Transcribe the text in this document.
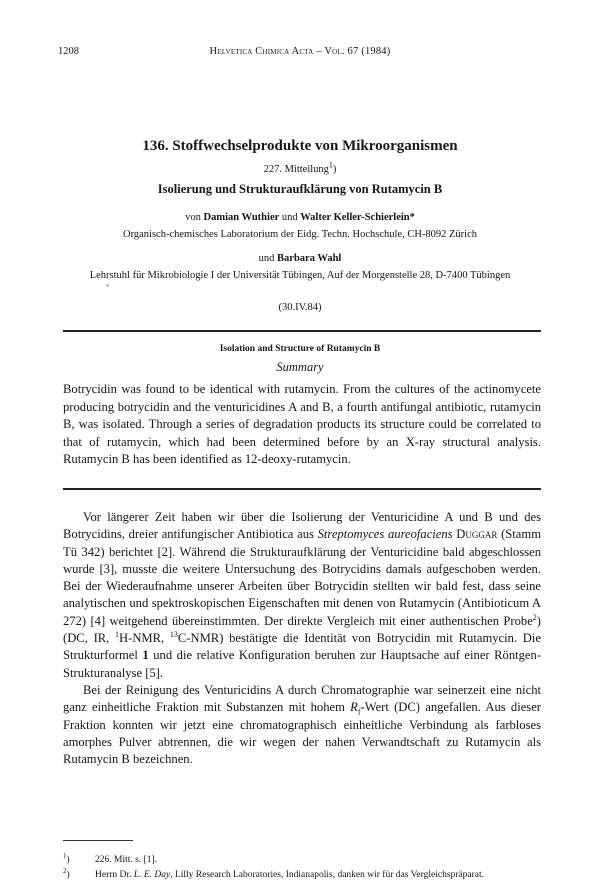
1208	Helvetica Chimica Acta – Vol. 67 (1984)
136. Stoffwechselprodukte von Mikroorganismen
227. Mitteilung$^1$)
Isolierung und Strukturaufklärung von Rutamycin B
von Damian Wuthier und Walter Keller-Schierlein*
Organisch-chemisches Laboratorium der Eidg. Techn. Hochschule, CH-8092 Zürich
und Barbara Wahl
Lehrstuhl für Mikrobiologie I der Universität Tübingen, Auf der Morgenstelle 28, D-7400 Tübingen
(30.IV.84)
Isolation and Structure of Rutamycin B
Summary
Botrycidin was found to be identical with rutamycin. From the cultures of the actinomycete producing botrycidin and the venturicidines A and B, a fourth antifungal antibiotic, rutamycin B, was isolated. Through a series of degradation products its structure could be correlated to that of rutamycin, which had been determined before by an X-ray structural analysis. Rutamycin B has been identified as 12-deoxy-rutamycin.

Vor längerer Zeit haben wir über die Isolierung der Venturicidine A und B und des Botrycidins, dreier antifungischer Antibiotica aus Streptomyces aureofaciens Duggar (Stamm Tü 342) berichtet [2]. Während die Strukturaufklärung der Venturicidine bald abgeschlossen wurde [3], musste die weitere Untersuchung des Botrycidins damals aufgeschoben werden. Bei der Wiederaufnahme unserer Arbeiten über Botrycidin stellten wir bald fest, dass seine analytischen und spektroskopischen Eigenschaften mit denen von Rutamycin (Antibioticum A 272) [4] weitgehend übereinstimmten. Der direkte Vergleich mit einer authentischen Probe$^2$) (DC, IR, $^1$H-NMR, $^{13}$C-NMR) bestätigte die Identität von Botrycidin mit Rutamycin. Die Strukturformel 1 und die relative Konfiguration beruhen zur Hauptsache auf einer Röntgen-Strukturanalyse [5].

Bei der Reinigung des Venturicidins A durch Chromatographie war seinerzeit eine nicht ganz einheitliche Fraktion mit Substanzen mit hohem $R_f$-Wert (DC) angefallen. Aus dieser Fraktion konnten wir jetzt eine chromatographisch einheitliche Verbindung als farbloses amorphes Pulver abtrennen, die wir wegen der nahen Verwandtschaft zu Rutamycin als Rutamycin B bezeichnen.

$^1$)	226. Mitt. s. [1].
$^2$)	Herrn Dr. L. E. Day, Lilly Research Laboratories, Indianapolis, danken wir für das Vergleichspräparat.
